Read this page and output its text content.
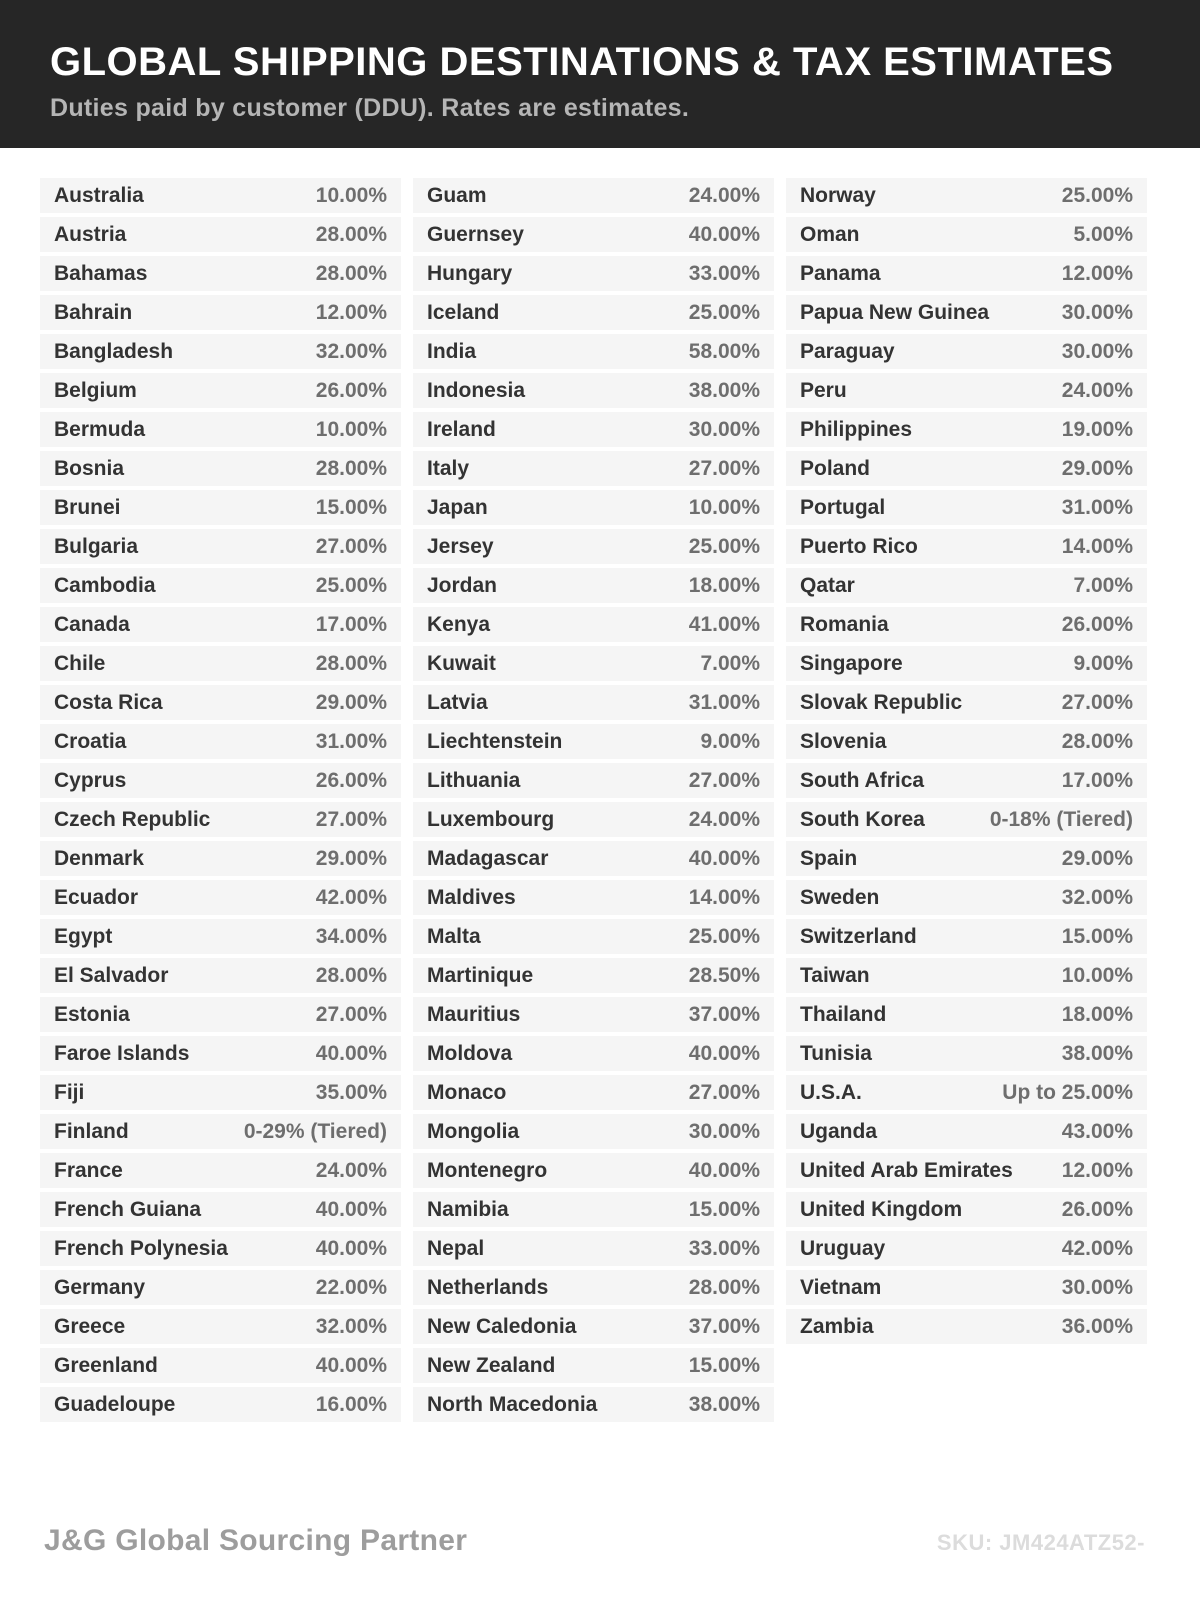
GLOBAL SHIPPING DESTINATIONS & TAX ESTIMATES
Duties paid by customer (DDU). Rates are estimates.
Australia	10.00%
Austria	28.00%
Bahamas	28.00%
Bahrain	12.00%
Bangladesh	32.00%
Belgium	26.00%
Bermuda	10.00%
Bosnia	28.00%
Brunei	15.00%
Bulgaria	27.00%
Cambodia	25.00%
Canada	17.00%
Chile	28.00%
Costa Rica	29.00%
Croatia	31.00%
Cyprus	26.00%
Czech Republic	27.00%
Denmark	29.00%
Ecuador	42.00%
Egypt	34.00%
El Salvador	28.00%
Estonia	27.00%
Faroe Islands	40.00%
Fiji	35.00%
Finland	0-29% (Tiered)
France	24.00%
French Guiana	40.00%
French Polynesia	40.00%
Germany	22.00%
Greece	32.00%
Greenland	40.00%
Guadeloupe	16.00%
Guam	24.00%
Guernsey	40.00%
Hungary	33.00%
Iceland	25.00%
India	58.00%
Indonesia	38.00%
Ireland	30.00%
Italy	27.00%
Japan	10.00%
Jersey	25.00%
Jordan	18.00%
Kenya	41.00%
Kuwait	7.00%
Latvia	31.00%
Liechtenstein	9.00%
Lithuania	27.00%
Luxembourg	24.00%
Madagascar	40.00%
Maldives	14.00%
Malta	25.00%
Martinique	28.50%
Mauritius	37.00%
Moldova	40.00%
Monaco	27.00%
Mongolia	30.00%
Montenegro	40.00%
Namibia	15.00%
Nepal	33.00%
Netherlands	28.00%
New Caledonia	37.00%
New Zealand	15.00%
North Macedonia	38.00%
Norway	25.00%
Oman	5.00%
Panama	12.00%
Papua New Guinea	30.00%
Paraguay	30.00%
Peru	24.00%
Philippines	19.00%
Poland	29.00%
Portugal	31.00%
Puerto Rico	14.00%
Qatar	7.00%
Romania	26.00%
Singapore	9.00%
Slovak Republic	27.00%
Slovenia	28.00%
South Africa	17.00%
South Korea	0-18% (Tiered)
Spain	29.00%
Sweden	32.00%
Switzerland	15.00%
Taiwan	10.00%
Thailand	18.00%
Tunisia	38.00%
U.S.A.	Up to 25.00%
Uganda	43.00%
United Arab Emirates 12.00%
United Kingdom	26.00%
Uruguay	42.00%
Vietnam	30.00%
Zambia	36.00%
J&G Global Sourcing Partner	SKU: JM424ATZ52-
